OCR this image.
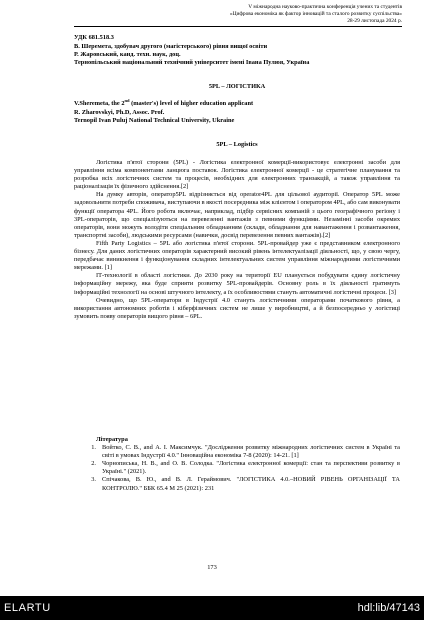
V міжнародна науково-практична конференція учених та студентів
«Цифрова економіка як фактор інновацій та сталого розвитку суспільства»
28-29 листопада 2024 р.
УДК 681.518.3
В. Шеремета, здобувач другого (магістерського) рівня вищої освіти
Р. Жаровський, канд. техн. наук, доц.
Тернопільський національний технічний університет імені Івана Пулюя, Україна
5PL – ЛОГІСТИКА
V.Sheremeta, the 2nd (master's) level of higher education applicant
R. Zharovskyi, Ph.D, Assoc. Prof.
Ternopil Ivan Puluj National Technical University, Ukraine
5PL – Logistics
Логістика п'ятої сторони (5PL) - Логістика електронної комерції-використовує електронні засоби для управління всіма компонентами ланцюга поставок. Логістика електронної комерції - це стратегічне планування та розробка всіх логістичних систем та процесів, необхідних для електронних транзакцій, а також управління та раціоналізація їх фізичного здійснення.[2]
На думку авторів, оператор5PL відрізняється від operator4PL для цільової аудиторії. Оператор 5PL може задовольнити потреби споживача, виступаючи в якості посередника між клієнтом і оператором 4PL, або сам виконувати функції оператора 4PL. Його робота включає, наприклад, підбір сервісних компаній з цього географічного регіону і 3PL-операторів, що спеціалізуються на перевезенні вантажів з певними функціями. Незамінні засоби окремих операторів, вони можуть володіти спеціальним обладнанням (склади, обладнання для навантаження і розвантаження, транспортні засоби), людськими ресурсами (навички, досвід перевезення певних вантажів).[2]
Fifth Party Logistics – 5PL або логістика п'ятої сторони. 5PL-провайдер уже є представником електронного бізнесу. Для даних логістичних операторів характерний високий рівень інтелектуалізації діяльності, що, у свою чергу, передбачає виникнення і функціонування складних інтелектуальних систем управління міжнародними логістичними мережами. [1]
ІТ-технології в області логістики. До 2030 року на території EU планується побудувати єдину логістичну інформаційну мережу, яка буде сприяти розвитку 5PL-провайдерів. Основну роль в їх діяльності гратимуть інформаційні технології на основі штучного інтелекту, а їх особливостями стануть автоматичні логістичні процеси. [3]
Очевидно, що 5PL-оператори в Індустрії 4.0 стануть логістичними операторами початкового рівня, а використання автономних роботів і кіберфізичних систем не лише у виробництві, а й безпосередньо у логістиці зумовить появу операторів вищого рівня – 6PL.
Література
1. Войтко, С. В., and А. І. Максимчук. "Дослідження розвитку міжнародних логістичних систем в Україні та світі в умовах Індустрії 4.0." Інноваційна економіка 7-8 (2020): 14-21. [1]
2. Чорнописька, Н. В., and О. В. Солодка. "Логістика електронної комерції: стан та перспективи розвитку в Україні." (2021).
3. Спічакова, В. Ю., and В. Л. Гераймович. "ЛОГІСТИКА 4.0.–НОВИЙ РІВЕНЬ ОРГАНІЗАЦІЇ ТА КОНТРОЛЮ." ББК 65.4 М 25 (2021): 231
173
ELARTU	hdl:lib/47143
